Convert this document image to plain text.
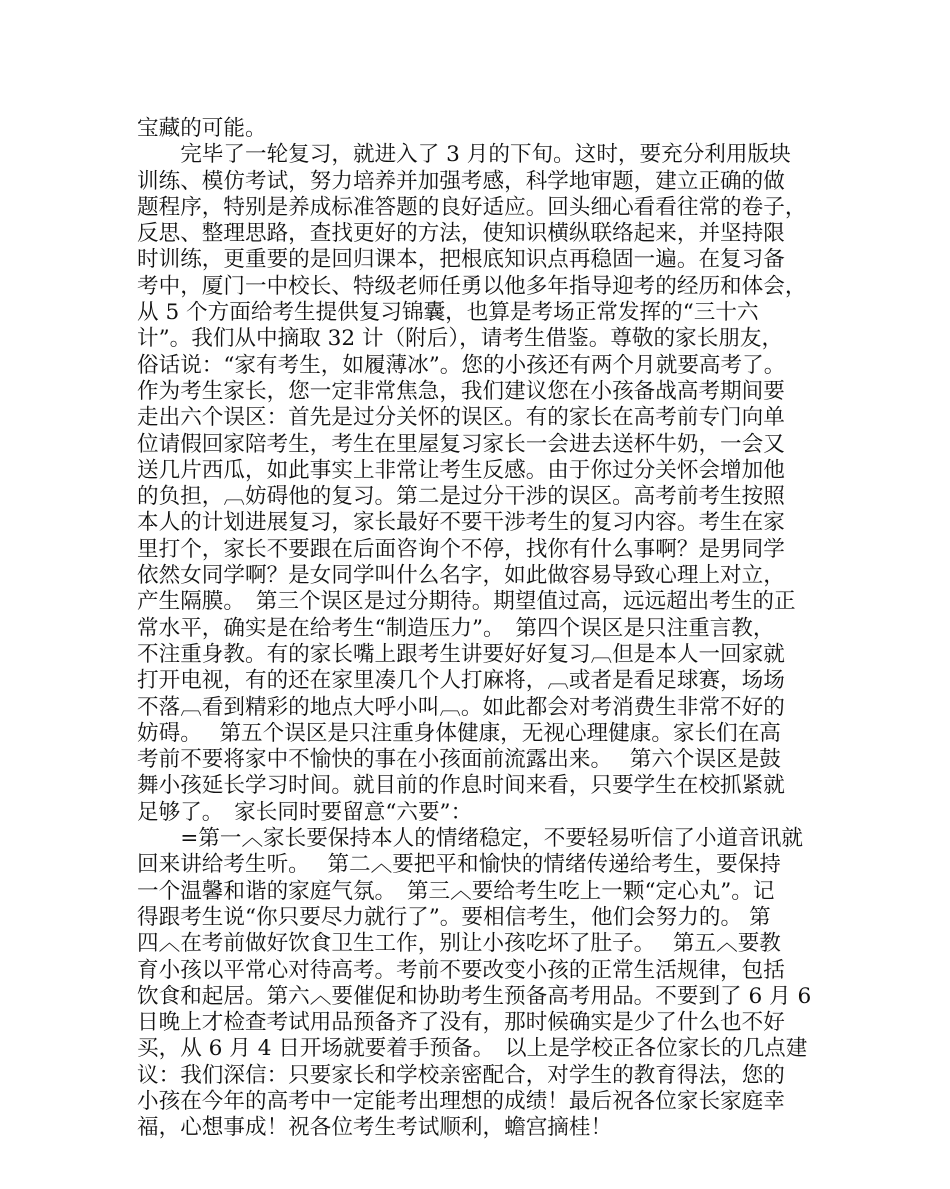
宝藏的可能。
　　完毕了一轮复习，就进入了 3 月的下旬。这时，要充分利用版块
训练、模仿考试，努力培养并加强考感，科学地审题，建立正确的做
题程序，特别是养成标准答题的良好适应。回头细心看看往常的卷子，
反思、整理思路，查找更好的方法，使知识横纵联络起来，并坚持限
时训练，更重要的是回归课本，把根底知识点再稳固一遍。在复习备
考中，厦门一中校长、特级老师任勇以他多年指导迎考的经历和体会，
从 5 个方面给考生提供复习锦囊，也算是考场正常发挥的“三十六
计”。我们从中摘取 32 计（附后），请考生借鉴。尊敬的家长朋友，
俗话说：“家有考生，如履薄冰”。您的小孩还有两个月就要高考了。
作为考生家长，您一定非常焦急，我们建议您在小孩备战高考期间要
走出六个误区：首先是过分关怀的误区。有的家长在高考前专门向单
位请假回家陪考生，考生在里屋复习家长一会进去送杯牛奶，一会又
送几片西瓜，如此事实上非常让考生反感。由于你过分关怀会增加他
的负担，︹妨碍他的复习。第二是过分干涉的误区。高考前考生按照
本人的计划进展复习，家长最好不要干涉考生的复习内容。考生在家
里打个，家长不要跟在后面咨询个不停，找你有什么事啊？是男同学
依然女同学啊？是女同学叫什么名字，如此做容易导致心理上对立，
产生隔膜。　第三个误区是过分期待。期望值过高，远远超出考生的正
常水平，确实是在给考生“制造压力”。　第四个误区是只注重言教，
不注重身教。有的家长嘴上跟考生讲要好好复习︹但是本人一回家就
打开电视，有的还在家里凑几个人打麻将，︹或者是看足球赛，场场
不落︹看到精彩的地点大呼小叫︹。如此都会对考消费生非常不好的
妨碍。　 第五个误区是只注重身体健康，无视心理健康。家长们在高
考前不要将家中不愉快的事在小孩面前流露出来。　 第六个误区是鼓
舞小孩延长学习时间。就目前的作息时间来看，只要学生在校抓紧就
足够了。　家长同时要留意“六要”：
　　=第一︿家长要保持本人的情绪稳定，不要轻易听信了小道音讯就
回来讲给考生听。　 第二︿要把平和愉快的情绪传递给考生，要保持
一个温馨和谐的家庭气氛。　第三︿要给考生吃上一颗“定心丸”。记
得跟考生说“你只要尽力就行了”。要相信考生，他们会努力的。 第
四︿在考前做好饮食卫生工作，别让小孩吃坏了肚子。　 第五︿要教
育小孩以平常心对待高考。考前不要改变小孩的正常生活规律，包括
饮食和起居。第六︿要催促和协助考生预备高考用品。不要到了 6 月 6
日晚上才检查考试用品预备齐了没有，那时候确实是少了什么也不好
买，从 6 月 4 日开场就要着手预备。　以上是学校正各位家长的几点建
议：我们深信：只要家长和学校亲密配合，对学生的教育得法，您的
小孩在今年的高考中一定能考出理想的成绩！最后祝各位家长家庭幸
福，心想事成！祝各位考生考试顺利，蟾宫摘桂！
